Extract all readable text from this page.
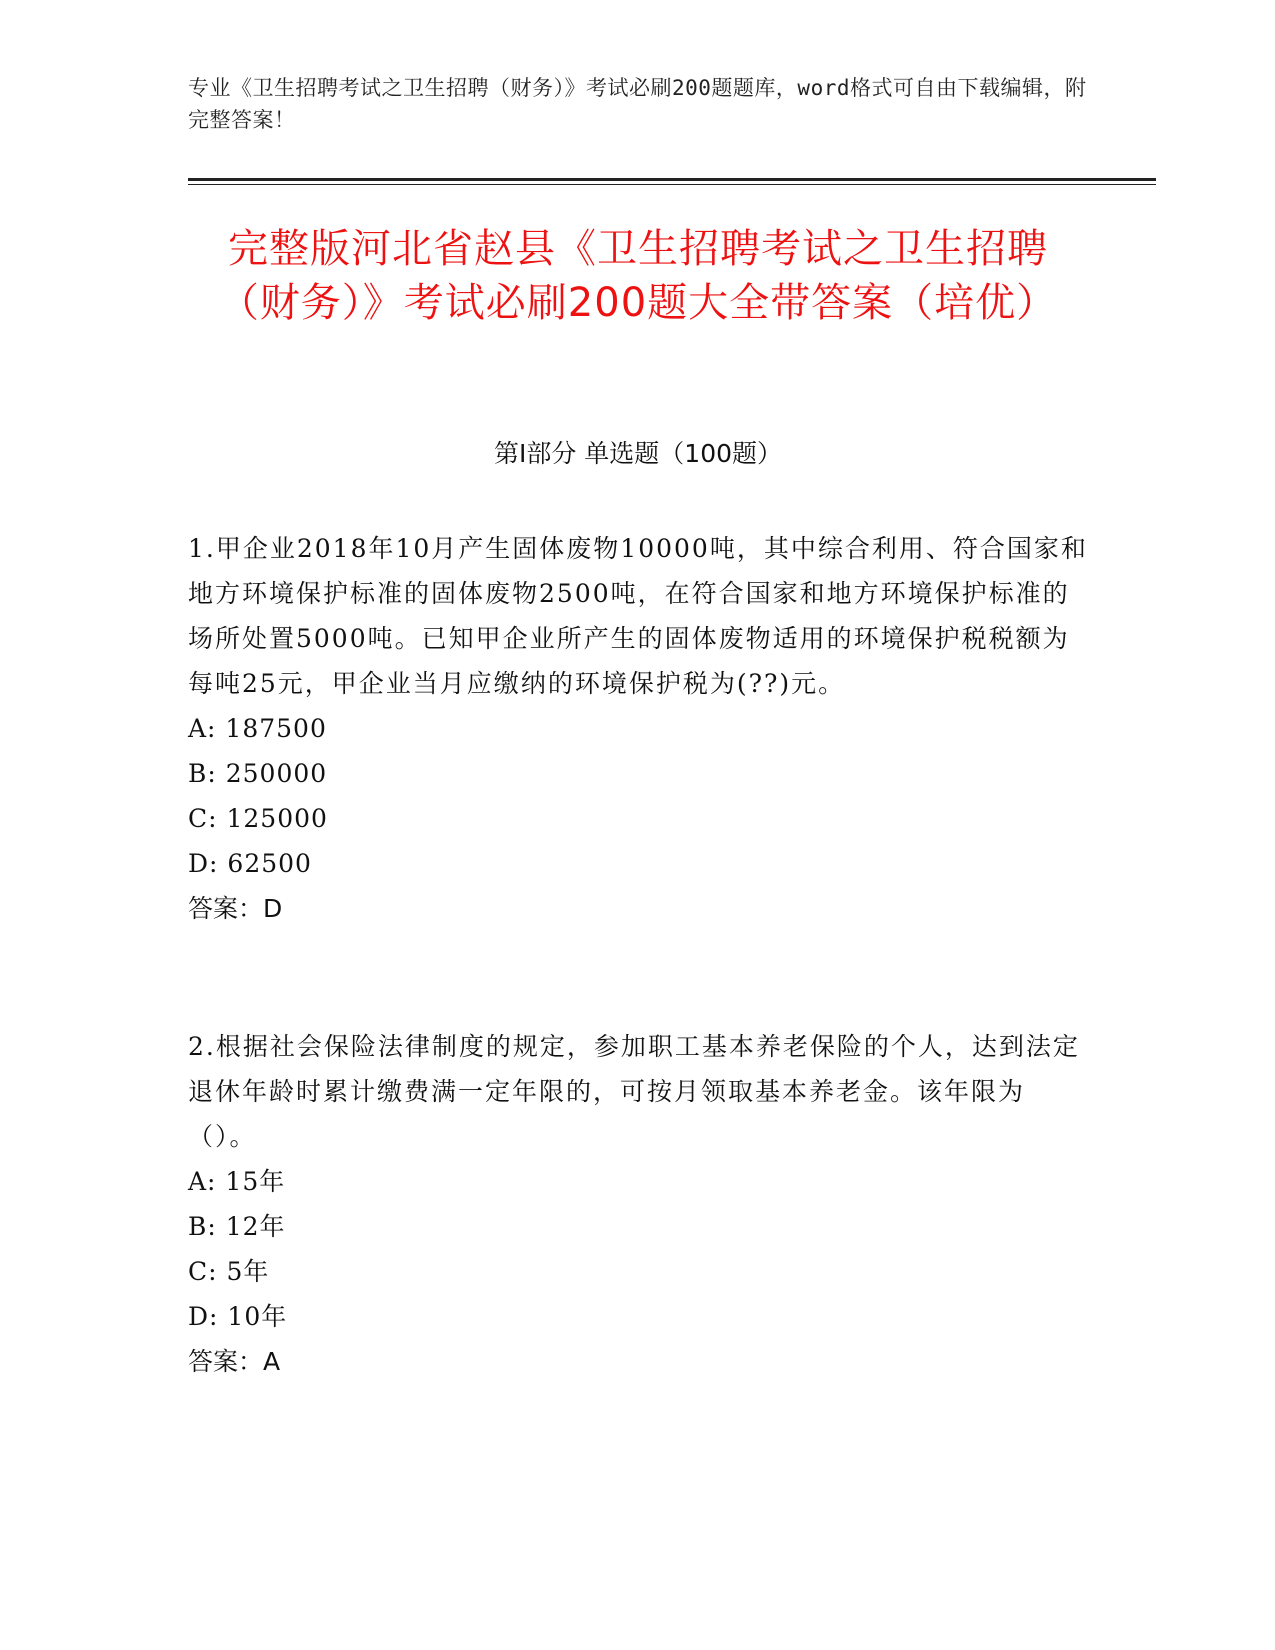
专业《卫生招聘考试之卫生招聘（财务）》考试必刷200题题库，word格式可自由下载编辑，附完整答案！
完整版河北省赵县《卫生招聘考试之卫生招聘（财务）》考试必刷200题大全带答案（培优）
第Ⅰ部分 单选题（100题）
1.甲企业2018年10月产生固体废物10000吨，其中综合利用、符合国家和地方环境保护标准的固体废物2500吨，在符合国家和地方环境保护标准的场所处置5000吨。已知甲企业所产生的固体废物适用的环境保护税税额为每吨25元，甲企业当月应缴纳的环境保护税为(??)元。
A: 187500
B: 250000
C: 125000
D: 62500
答案：D
2.根据社会保险法律制度的规定，参加职工基本养老保险的个人，达到法定退休年龄时累计缴费满一定年限的，可按月领取基本养老金。该年限为（）。
A: 15年
B: 12年
C: 5年
D: 10年
答案：A
